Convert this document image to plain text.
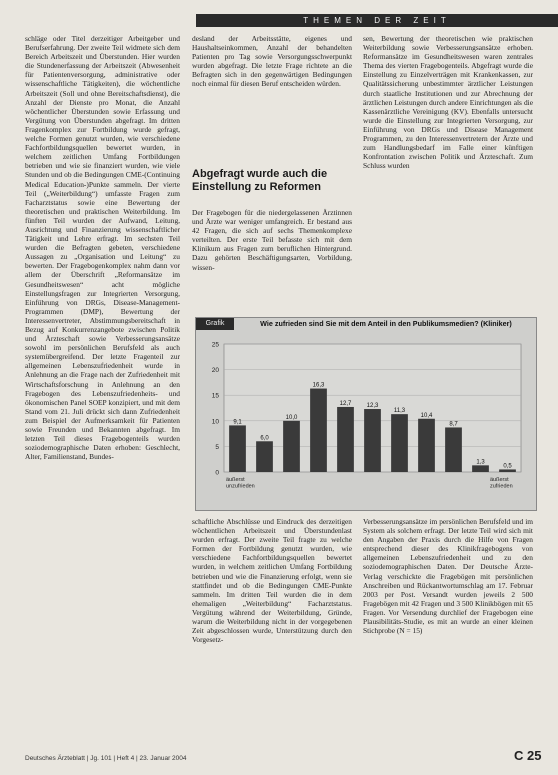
THEMEN DER ZEIT

schläge oder Titel derzeitiger Arbeitgeber und Berufserfahrung. Der zweite Teil widmete sich dem Bereich Arbeitszeit und Überstunden. Hier wurden die Stundenerfassung der Arbeitszeit (Abwesenheit für Patientenversorgung, administrative oder wissenschaftliche Tätigkeiten), die wöchentliche Arbeitszeit (Soll und ohne Bereitschaftsdienst), die Anzahl der Dienste pro Monat, die Anzahl wöchentlicher Überstunden sowie Erfassung und Vergütung von Überstunden abgefragt. Im dritten Fragenkomplex zur Fortbildung wurde gefragt, welche Formen genutzt wurden, wie verschiedene Fachfortbildungsquellen bewertet wurden, in welchem zeitlichen Umfang Fortbildungen betrieben und wie sie finanziert wurden, wie viele Stunden und ob die Bedingungen CME-(Continuing Medical Education-)Punkte sammeln. Der vierte Teil („Weiterbildung“) umfasste Fragen zum Facharztstatus sowie eine Bewertung der theoretischen und praktischen Weiterbildung. Im fünften Teil wurden der Aufwand, Leitung, Ausrichtung und Finanzierung wissenschaftlicher Tätigkeit und Lehre erfragt. Im sechsten Teil wurden die Befragten gebeten, verschiedene Aussagen zu „Organisation und Leitung“ zu bewerten. Der Fragebogenkomplex nahm dann vor allem der Überschrift „Reformansätze im Gesundheitswesen“ acht mögliche Einstellungsfragen zur Integrierten Versorgung, Einführung von DRGs, Disease-Management-Programmen (DMP), Bewertung der Interessenvertreter, Abstimmungsbereitschaft in Bezug auf Konkurrenzangebote zwischen Politik und Ärzteschaft sowie Verbesserungsansätze sowohl im persönlichen Berufsfeld als auch systemübergreifend. Der letzte Fragenteil zur allgemeinen Lebenszufriedenheit wurde in Anlehnung an die Frage nach der Zufriedenheit mit Wirtschaftsforschung in Anlehnung an den Fragebogen des Lebenszufriedenheits- und ökonomischen Panel SOEP konzipiert, und mit dem Stand vom 21. Juli drückt sich dann Zufriedenheit zum Beispiel der Aufmerksamkeit für Patienten sowie Freunden und Bekannten abgefragt. Im letzten Teil dieses Fragebogenteils wurden soziodemographische Daten erhoben: Geschlecht, Alter, Familienstand, Bundes-

desland der Arbeitsstätte, eigenes und Haushaltseinkommen, Anzahl der behandelten Patienten pro Tag sowie Versorgungsschwerpunkt wurden abgefragt. Die letzte Frage richtete an die Befragten sich in den gegenwärtigen Bedingungen noch einmal für diesen Beruf entscheiden würden.

Abgefragt wurde auch die Einstellung zu Reformen

Der Fragebogen für die niedergelassenen Ärztinnen und Ärzte war weniger umfangreich. Er bestand aus 42 Fragen, die sich auf sechs Themenkomplexe verteilten. Der erste Teil befasste sich mit dem Klinikum aus Fragen zum beruflichen Hintergrund. Dazu gehörten Beschäftigungsarten, Vorbildung, wissen-

sen, Bewertung der theoretischen wie praktischen Weiterbildung sowie Verbesserungsansätze erhoben. Reformansätze im Gesundheitswesen waren zentrales Thema des vierten Fragebogenteils. Abgefragt wurde die Einstellung zu Einzelverträgen mit Krankenkassen, zur Qualitätssicherung unbestimmter ärztlicher Leistungen durch staatliche Institutionen und zur Abrechnung der ärztlichen Leistungen durch andere Einrichtungen als die Kassenärztliche Vereinigung (KV). Ebenfalls untersucht wurde die Einstellung zur Integrierten Versorgung, zur Einführung von DRGs und Disease Management Programmen, zu den Interessenvertretern der Ärzte und zum Handlungsbedarf im Falle einer künftigen Konfrontation zwischen Politik und Ärzteschaft. Zum Schluss wurden

Grafik	Wie zufrieden sind Sie mit dem Anteil in den Publikumsmedien? (Kliniker)
0
5
10
15
20
25
9,1
6,0
10,0
16,3
12,7	12,3
11,3
10,4
8,7
1,3
0,5
äußerst unzufrieden
äußerst zufrieden

schaftliche Abschlüsse und Eindruck des derzeitigen wöchentlichen Arbeitszeit und Überstundenlast wurden erfragt. Der zweite Teil fragte zu welche Formen der Fortbildung genutzt wurden, wie verschiedene Fachfortbildungsquellen bewertet wurden, in welchem zeitlichen Umfang Fortbildung betrieben und wie die Finanzierung erfolgt, wenn sie stattfindet und ob die Bedingungen CME-Punkte sammeln. Im dritten Teil wurden die in dem ehemaligen „Weiterbildung“ Facharztstatus. Vergütung während der Weiterbildung, Gründe, warum die Weiterbildung nicht in der vorgegebenen Zeit abgeschlossen wurde, Unterstützung durch den Vorgesetz-

Verbesserungsansätze im persönlichen Berufsfeld und im System als solchem erfragt. Der letzte Teil wird sich mit den Angaben der Praxis durch die Hilfe von Fragen entsprechend dieser des Klinikfragebogens von allgemeinen Lebenszufriedenheit und zu den soziodemographischen Daten. Der Deutsche Ärzte-Verlag verschickte die Fragebögen mit persönlichen Anschreiben und Rückantwortumschlag am 17. Februar 2003 per Post. Versandt wurden jeweils 2 500 Fragebögen mit 42 Fragen und 3 500 Klinikbögen mit 65 Fragen. Vor Versendung durchlief der Fragebogen eine Plausibilitäts-Studie, es mit an wurde an einer kleinen Stichprobe (N = 15)

Deutsches Ärzteblatt | Jg. 101 | Heft 4 | 23. Januar 2004	C 25
